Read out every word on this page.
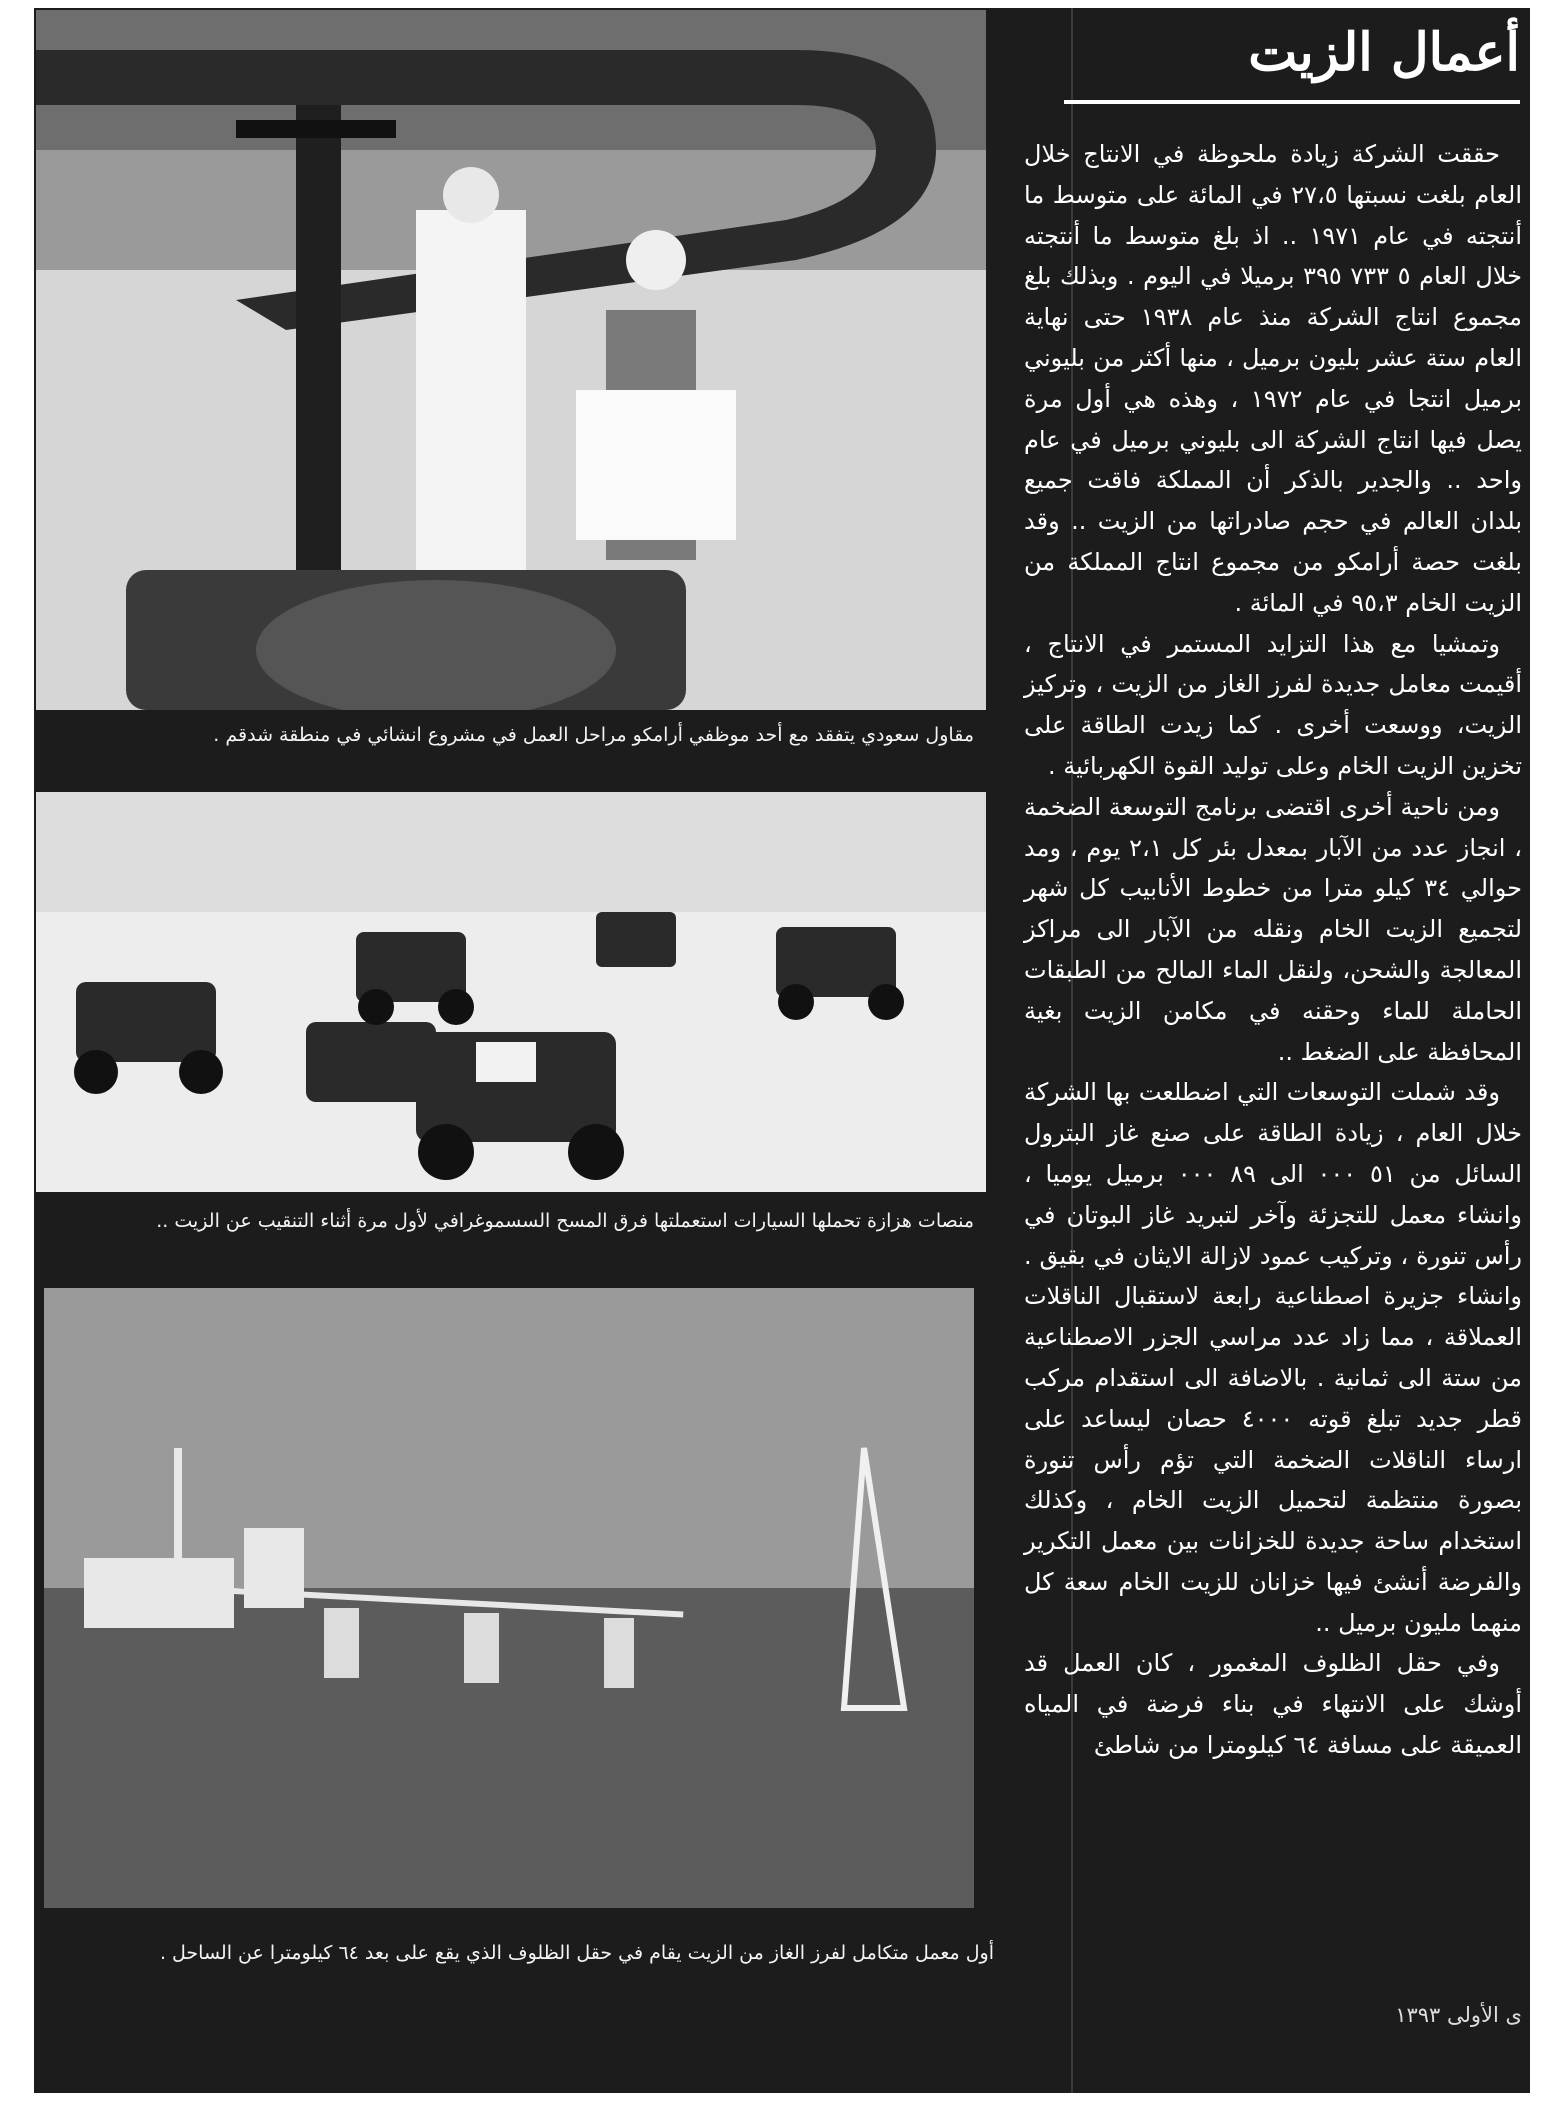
مقاول سعودي يتفقد مع أحد موظفي أرامكو مراحل العمل في مشروع انشائي في منطقة شدقم .
منصات هزازة تحملها السيارات استعملتها فرق المسح السسموغرافي لأول مرة أثناء التنقيب عن الزيت ..
أول معمل متكامل لفرز الغاز من الزيت يقام في حقل الظلوف الذي يقع على بعد ٦٤ كيلومترا عن الساحل .
أعمال الزيت

حققت الشركة زيادة ملحوظة في الانتاج خلال العام بلغت نسبتها ٢٧،٥ في المائة على متوسط ما أنتجته في عام ١٩٧١ .. اذ بلغ متوسط ما أنتجته خلال العام ٥ ٧٣٣ ٣٩٥ برميلا في اليوم . وبذلك بلغ مجموع انتاج الشركة منذ عام ١٩٣٨ حتى نهاية العام ستة عشر بليون برميل ، منها أكثر من بليوني برميل انتجا في عام ١٩٧٢ ، وهذه هي أول مرة يصل فيها انتاج الشركة الى بليوني برميل في عام واحد .. والجدير بالذكر أن المملكة فاقت جميع بلدان العالم في حجم صادراتها من الزيت .. وقد بلغت حصة أرامكو من مجموع انتاج المملكة من الزيت الخام ٩٥،٣ في المائة .

وتمشيا مع هذا التزايد المستمر في الانتاج ، أقيمت معامل جديدة لفرز الغاز من الزيت ، وتركيز الزيت، ووسعت أخرى . كما زيدت الطاقة على تخزين الزيت الخام وعلى توليد القوة الكهربائية .

ومن ناحية أخرى اقتضى برنامج التوسعة الضخمة ، انجاز عدد من الآبار بمعدل بئر كل ٢،١ يوم ، ومد حوالي ٣٤ كيلو مترا من خطوط الأنابيب كل شهر لتجميع الزيت الخام ونقله من الآبار الى مراكز المعالجة والشحن، ولنقل الماء المالح من الطبقات الحاملة للماء وحقنه في مكامن الزيت بغية المحافظة على الضغط ..

وقد شملت التوسعات التي اضطلعت بها الشركة خلال العام ، زيادة الطاقة على صنع غاز البترول السائل من ٥١ ٠٠٠ الى ٨٩ ٠٠٠ برميل يوميا ، وانشاء معمل للتجزئة وآخر لتبريد غاز البوتان في رأس تنورة ، وتركيب عمود لازالة الايثان في بقيق . وانشاء جزيرة اصطناعية رابعة لاستقبال الناقلات العملاقة ، مما زاد عدد مراسي الجزر الاصطناعية من ستة الى ثمانية . بالاضافة الى استقدام مركب قطر جديد تبلغ قوته ٤٠٠٠ حصان ليساعد على ارساء الناقلات الضخمة التي تؤم رأس تنورة بصورة منتظمة لتحميل الزيت الخام ، وكذلك استخدام ساحة جديدة للخزانات بين معمل التكرير والفرضة أنشئ فيها خزانان للزيت الخام سعة كل منهما مليون برميل ..

وفي حقل الظلوف المغمور ، كان العمل قد أوشك على الانتهاء في بناء فرضة في المياه العميقة على مسافة ٦٤ كيلومترا من شاطئ

ى الأولى ١٣٩٣
